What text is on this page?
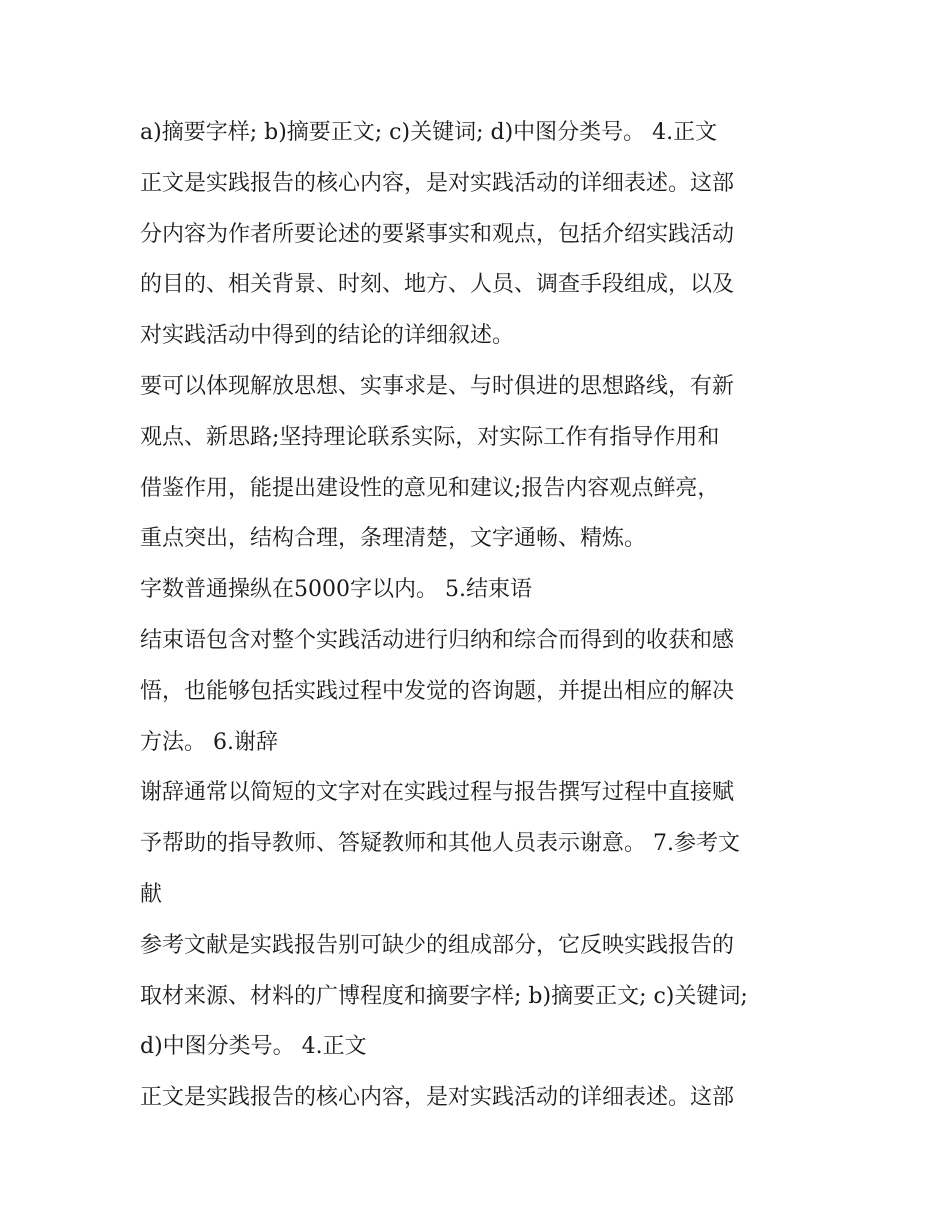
a)摘要字样; b)摘要正文; c)关键词; d)中图分类号。 4.正文
正文是实践报告的核心内容，是对实践活动的详细表述。这部
分内容为作者所要论述的要紧事实和观点，包括介绍实践活动
的目的、相关背景、时刻、地方、人员、调查手段组成，以及
对实践活动中得到的结论的详细叙述。
要可以体现解放思想、实事求是、与时俱进的思想路线，有新
观点、新思路;坚持理论联系实际，对实际工作有指导作用和
借鉴作用，能提出建设性的意见和建议;报告内容观点鲜亮，
重点突出，结构合理，条理清楚，文字通畅、精炼。
字数普通操纵在5000字以内。 5.结束语
结束语包含对整个实践活动进行归纳和综合而得到的收获和感
悟，也能够包括实践过程中发觉的咨询题，并提出相应的解决
方法。 6.谢辞
谢辞通常以简短的文字对在实践过程与报告撰写过程中直接赋
予帮助的指导教师、答疑教师和其他人员表示谢意。 7.参考文
献
参考文献是实践报告别可缺少的组成部分，它反映实践报告的
取材来源、材料的广博程度和摘要字样; b)摘要正文; c)关键词;
d)中图分类号。 4.正文
正文是实践报告的核心内容，是对实践活动的详细表述。这部
